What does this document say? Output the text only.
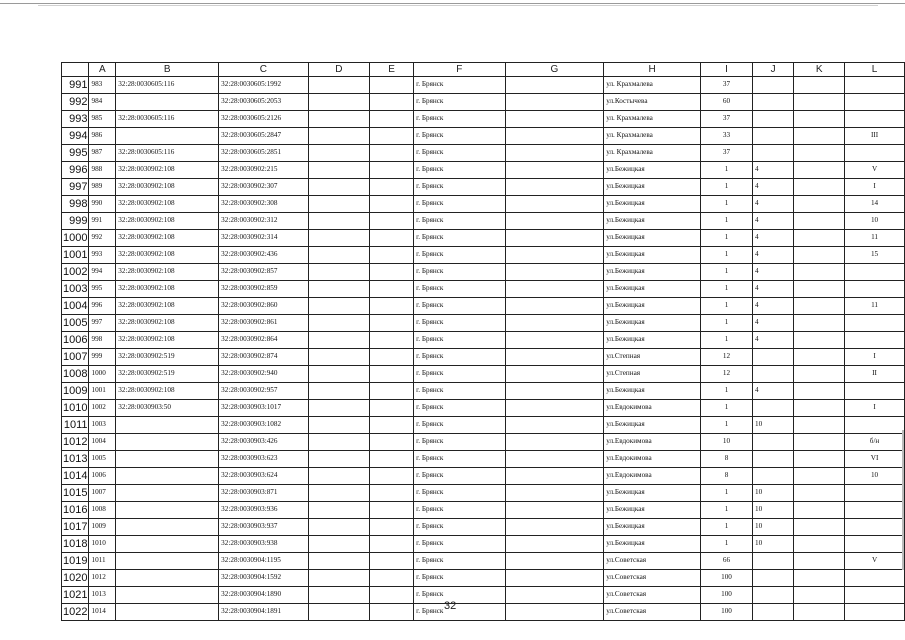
	A	B	C	D	E	F	G	H	I	J	K	L
991	983	32:28:0030605:116	32:28:0030605:1992			г. Брянск		ул. Крахмалева	37			
992	984		32:28:0030605:2053			г. Брянск		ул.Костычева	60			
993	985	32:28:0030605:116	32:28:0030605:2126			г. Брянск		ул. Крахмалева	37			
994	986		32:28:0030605:2847			г. Брянск		ул. Крахмалева	33			III
995	987	32:28:0030605:116	32:28:0030605:2851			г. Брянск		ул. Крахмалева	37			
996	988	32:28:0030902:108	32:28:0030902:215			г. Брянск		ул.Бежицкая	1	4		V
997	989	32:28:0030902:108	32:28:0030902:307			г. Брянск		ул.Бежицкая	1	4		I
998	990	32:28:0030902:108	32:28:0030902:308			г. Брянск		ул.Бежицкая	1	4		14
999	991	32:28:0030902:108	32:28:0030902:312			г. Брянск		ул.Бежицкая	1	4		10
1000	992	32:28:0030902:108	32:28:0030902:314			г. Брянск		ул.Бежицкая	1	4		11
1001	993	32:28:0030902:108	32:28:0030902:436			г. Брянск		ул.Бежицкая	1	4		15
1002	994	32:28:0030902:108	32:28:0030902:857			г. Брянск		ул.Бежицкая	1	4		
1003	995	32:28:0030902:108	32:28:0030902:859			г. Брянск		ул.Бежицкая	1	4		
1004	996	32:28:0030902:108	32:28:0030902:860			г. Брянск		ул.Бежицкая	1	4		11
1005	997	32:28:0030902:108	32:28:0030902:861			г. Брянск		ул.Бежицкая	1	4		
1006	998	32:28:0030902:108	32:28:0030902:864			г. Брянск		ул.Бежицкая	1	4		
1007	999	32:28:0030902:519	32:28:0030902:874			г. Брянск		ул.Степная	12			I
1008	1000	32:28:0030902:519	32:28:0030902:940			г. Брянск		ул.Степная	12			II
1009	1001	32:28:0030902:108	32:28:0030902:957			г. Брянск		ул.Бежицкая	1	4		
1010	1002	32:28:0030903:50	32:28:0030903:1017			г. Брянск		ул.Евдокимова	1			I
1011	1003		32:28:0030903:1082			г. Брянск		ул.Бежицкая	1	10		
1012	1004		32:28:0030903:426			г. Брянск		ул.Евдокимова	10			б/н
1013	1005		32:28:0030903:623			г. Брянск		ул.Евдокимова	8			VI
1014	1006		32:28:0030903:624			г. Брянск		ул.Евдокимова	8			10
1015	1007		32:28:0030903:871			г. Брянск		ул.Бежицкая	1	10		
1016	1008		32:28:0030903:936			г. Брянск		ул.Бежицкая	1	10		
1017	1009		32:28:0030903:937			г. Брянск		ул.Бежицкая	1	10		
1018	1010		32:28:0030903:938			г. Брянск		ул.Бежицкая	1	10		
1019	1011		32:28:0030904:1195			г. Брянск		ул.Советская	66			V
1020	1012		32:28:0030904:1592			г. Брянск		ул.Советская	100			
1021	1013		32:28:0030904:1890			г. Брянск		ул.Советская	100			
1022	1014		32:28:0030904:1891			г. Брянск		ул.Советская	100			
32
